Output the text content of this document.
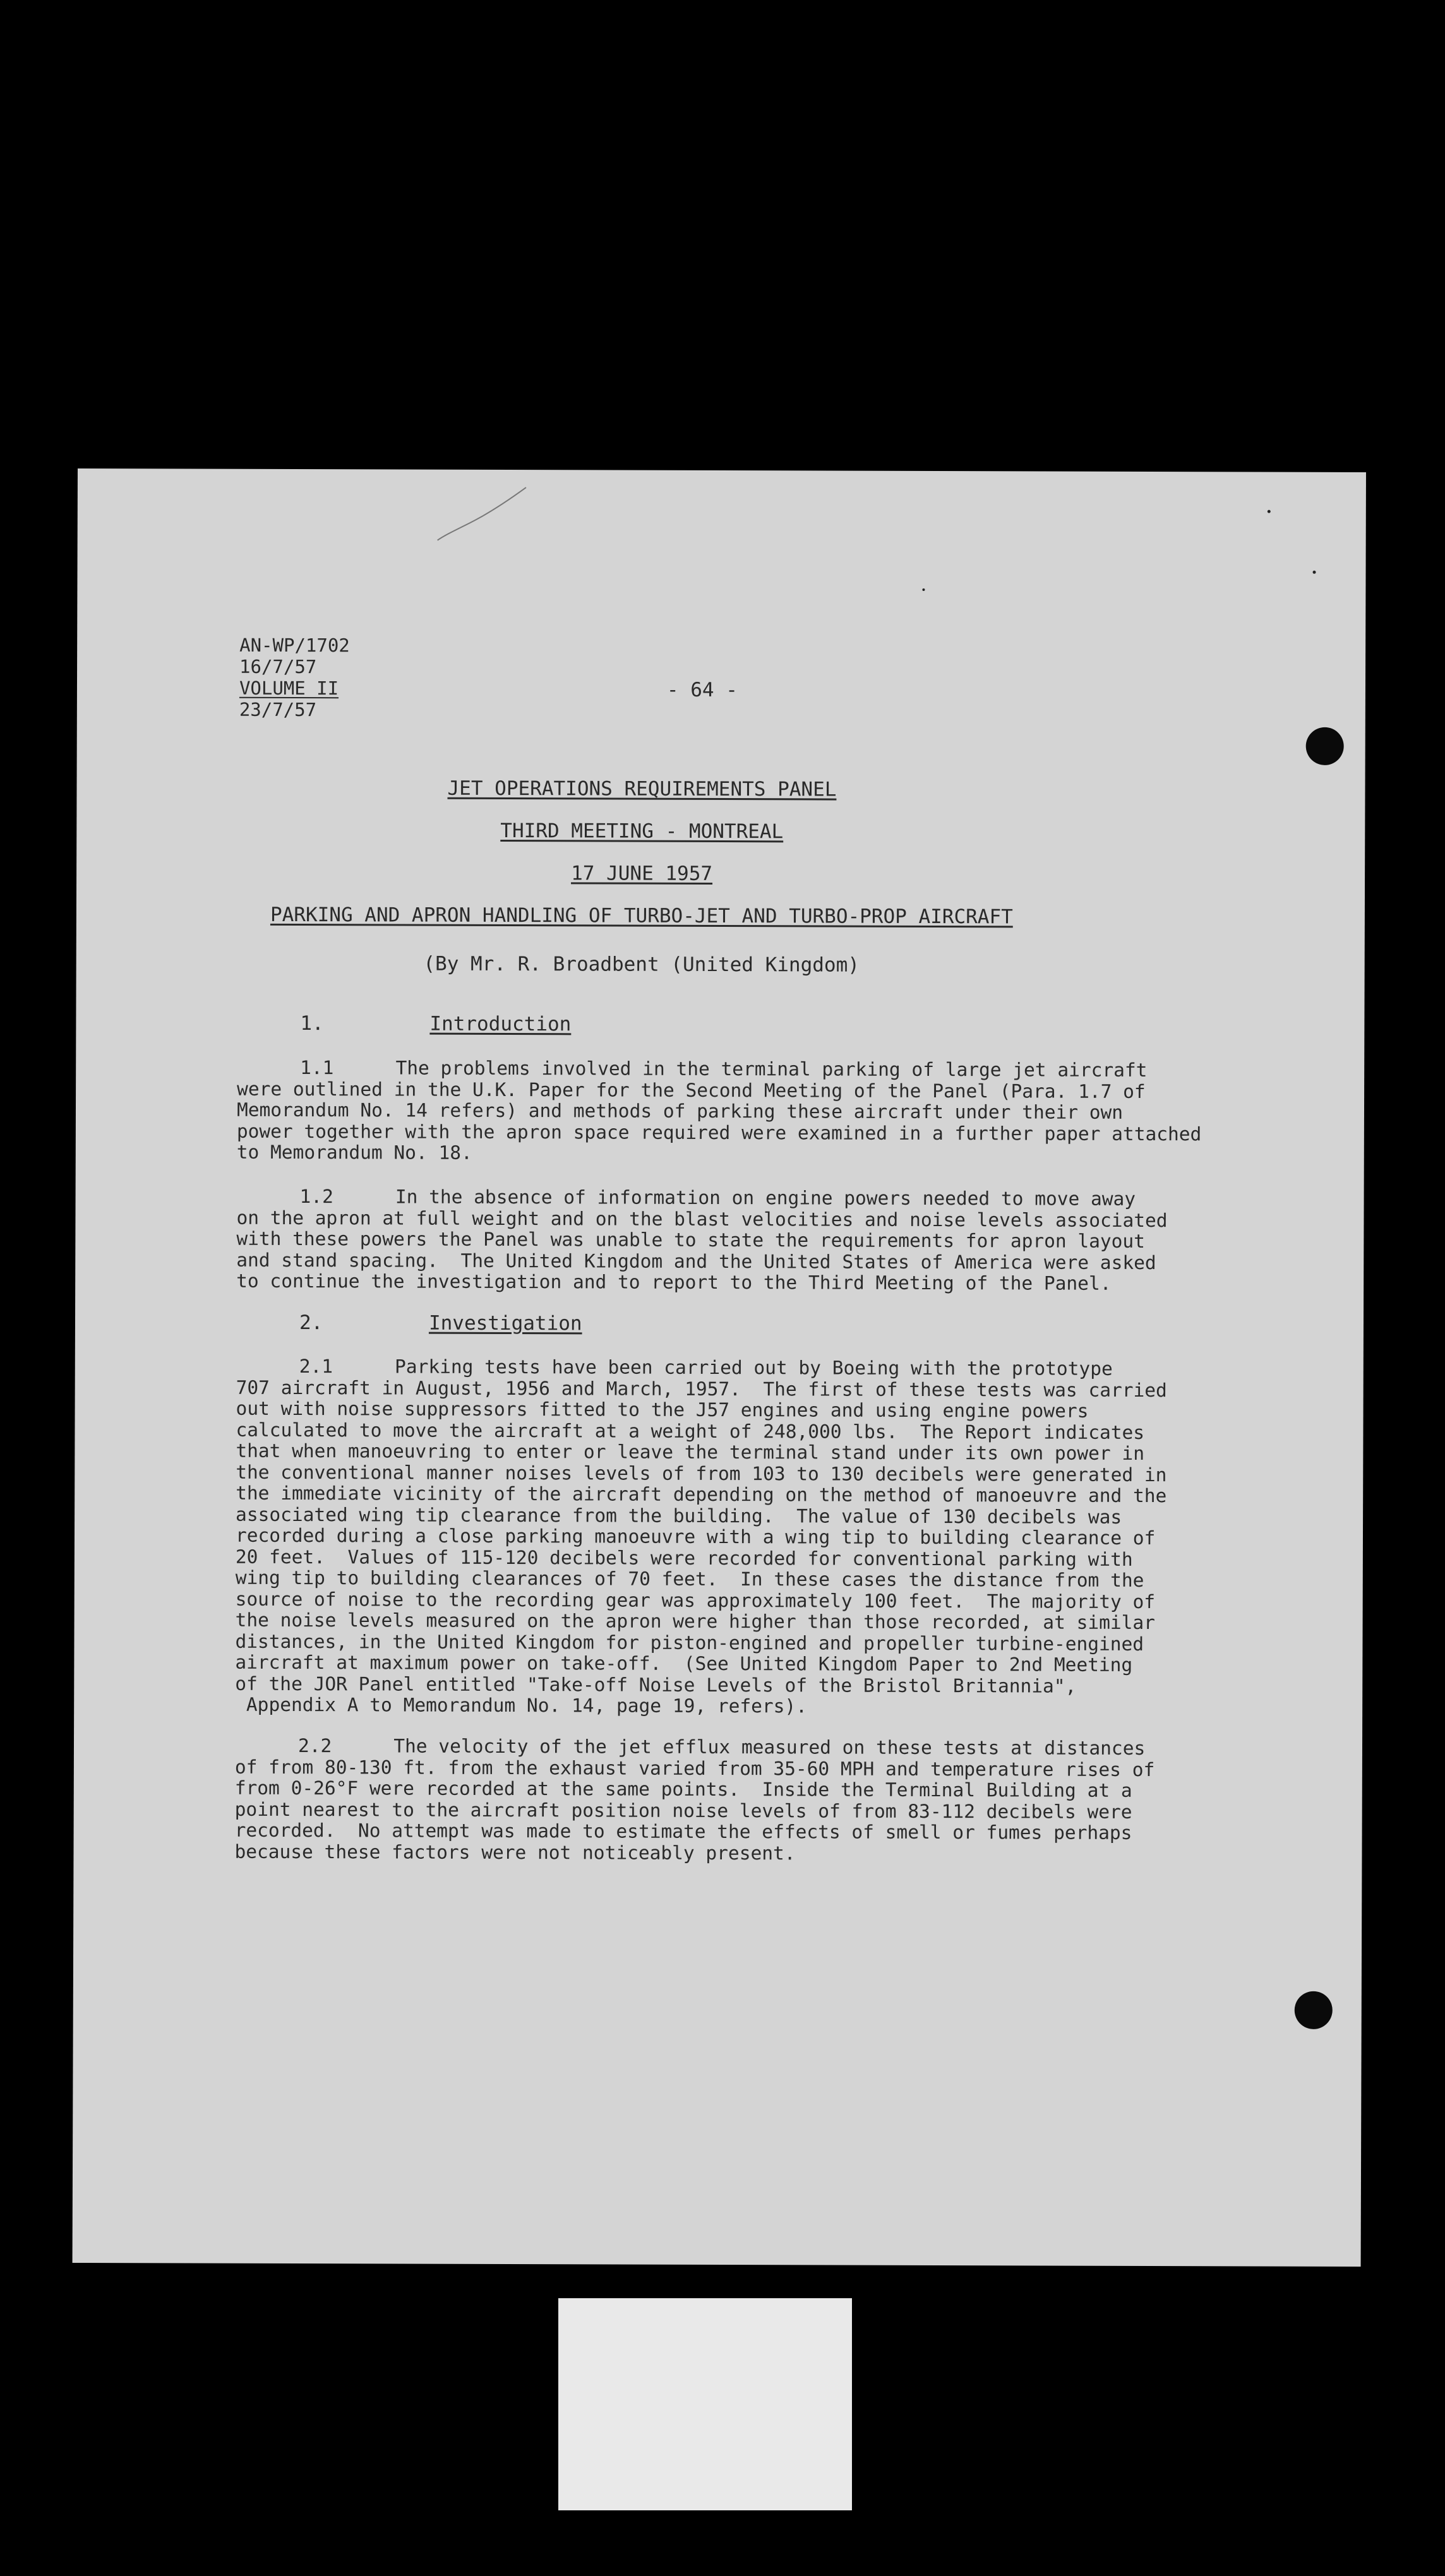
AN-WP/1702
16/7/57
VOLUME II
23/7/57
- 64 -
JET OPERATIONS REQUIREMENTS PANEL
THIRD MEETING - MONTREAL
17 JUNE 1957
PARKING AND APRON HANDLING OF TURBO-JET AND TURBO-PROP AIRCRAFT
(By Mr. R. Broadbent (United Kingdom)
1.	Introduction
1.1	The problems involved in the terminal parking of large jet aircraft
were outlined in the U.K. Paper for the Second Meeting of the Panel (Para. 1.7 of
Memorandum No. 14 refers) and methods of parking these aircraft under their own
power together with the apron space required were examined in a further paper attached
to Memorandum No. 18.
1.2	In the absence of information on engine powers needed to move away
on the apron at full weight and on the blast velocities and noise levels associated
with these powers the Panel was unable to state the requirements for apron layout
and stand spacing.  The United Kingdom and the United States of America were asked
to continue the investigation and to report to the Third Meeting of the Panel.
2.	Investigation
2.1	Parking tests have been carried out by Boeing with the prototype
707 aircraft in August, 1956 and March, 1957.  The first of these tests was carried
out with noise suppressors fitted to the J57 engines and using engine powers
calculated to move the aircraft at a weight of 248,000 lbs.  The Report indicates
that when manoeuvring to enter or leave the terminal stand under its own power in
the conventional manner noises levels of from 103 to 130 decibels were generated in
the immediate vicinity of the aircraft depending on the method of manoeuvre and the
associated wing tip clearance from the building.  The value of 130 decibels was
recorded during a close parking manoeuvre with a wing tip to building clearance of
20 feet.  Values of 115-120 decibels were recorded for conventional parking with
wing tip to building clearances of 70 feet.  In these cases the distance from the
source of noise to the recording gear was approximately 100 feet.  The majority of
the noise levels measured on the apron were higher than those recorded, at similar
distances, in the United Kingdom for piston-engined and propeller turbine-engined
aircraft at maximum power on take-off.  (See United Kingdom Paper to 2nd Meeting
of the JOR Panel entitled "Take-off Noise Levels of the Bristol Britannia",
Appendix A to Memorandum No. 14, page 19, refers).
2.2	The velocity of the jet efflux measured on these tests at distances
of from 80-130 ft. from the exhaust varied from 35-60 MPH and temperature rises of
from 0-26°F were recorded at the same points.  Inside the Terminal Building at a
point nearest to the aircraft position noise levels of from 83-112 decibels were
recorded.  No attempt was made to estimate the effects of smell or fumes perhaps
because these factors were not noticeably present.
